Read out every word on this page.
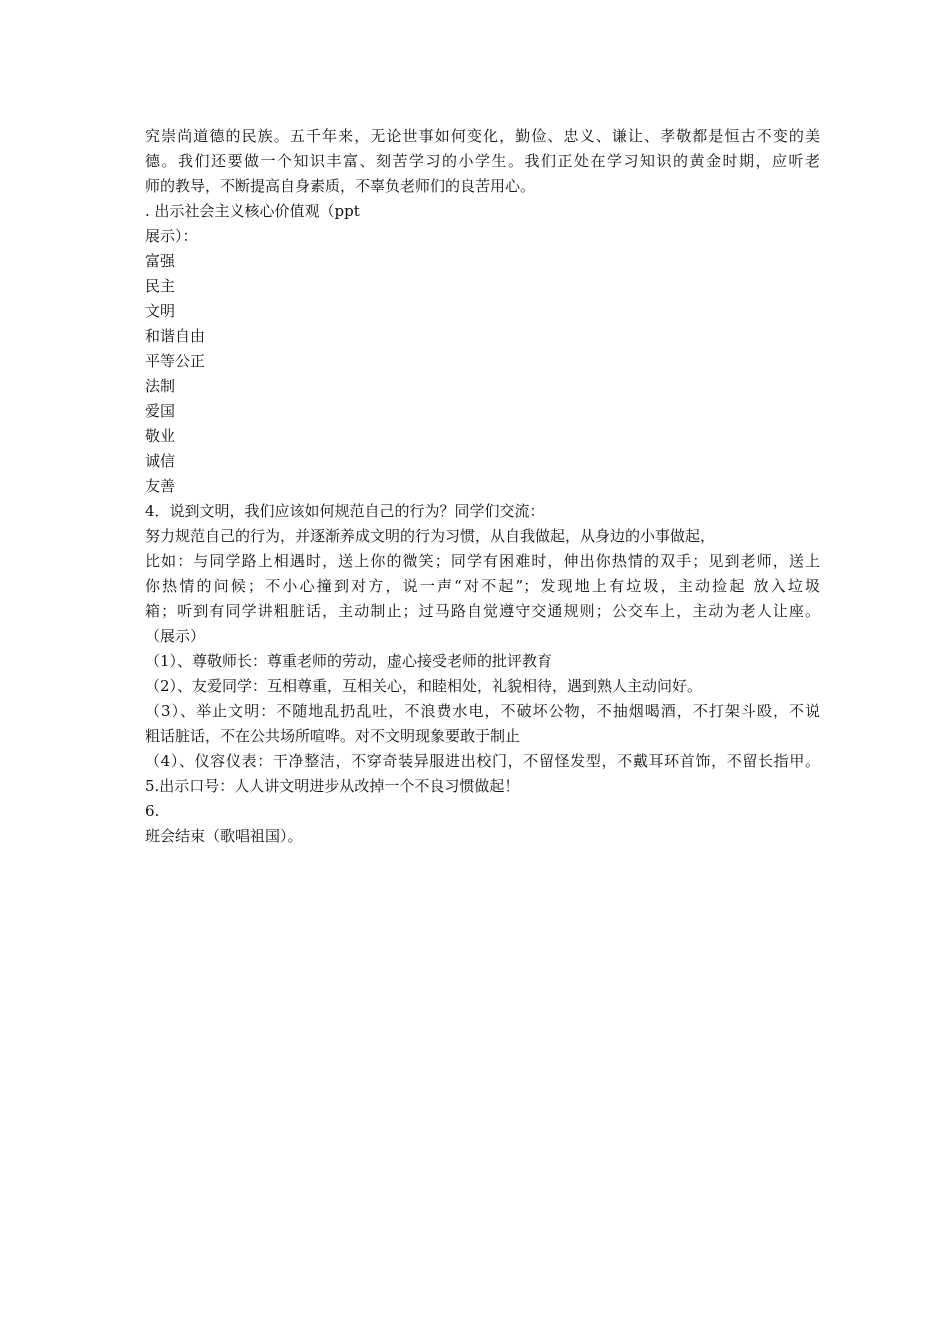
究崇尚道德的民族。五千年来，无论世事如何变化，勤俭、忠义、谦让、孝敬都是恒古不变的美
德。我们还要做一个知识丰富、刻苦学习的小学生。我们正处在学习知识的黄金时期，应听老
师的教导，不断提高自身素质，不辜负老师们的良苦用心。
. 出示社会主义核心价值观（ppt
展示）：
富强
民主
文明
和谐自由
平等公正
法制
爱国
敬业
诚信
友善
4．说到文明，我们应该如何规范自己的行为？同学们交流：
努力规范自己的行为，并逐渐养成文明的行为习惯，从自我做起，从身边的小事做起，
比如：与同学路上相遇时，送上你的微笑；同学有困难时，伸出你热情的双手；见到老师，送上
你热情的问候；不小心撞到对方，说一声“对不起”；发现地上有垃圾，主动捡起 放入垃圾
箱；听到有同学讲粗脏话，主动制止；过马路自觉遵守交通规则；公交车上，主动为老人让座。
（展示）
（1）、尊敬师长：尊重老师的劳动，虚心接受老师的批评教育
（2）、友爱同学：互相尊重，互相关心，和睦相处，礼貌相待，遇到熟人主动问好。
（3）、举止文明：不随地乱扔乱吐，不浪费水电，不破坏公物，不抽烟喝酒，不打架斗殴，不说
粗话脏话，不在公共场所喧哗。对不文明现象要敢于制止
（4）、仪容仪表：干净整洁，不穿奇装异服进出校门，不留怪发型，不戴耳环首饰，不留长指甲。
5.出示口号：人人讲文明进步从改掉一个不良习惯做起！
6.
班会结束（歌唱祖国）。
